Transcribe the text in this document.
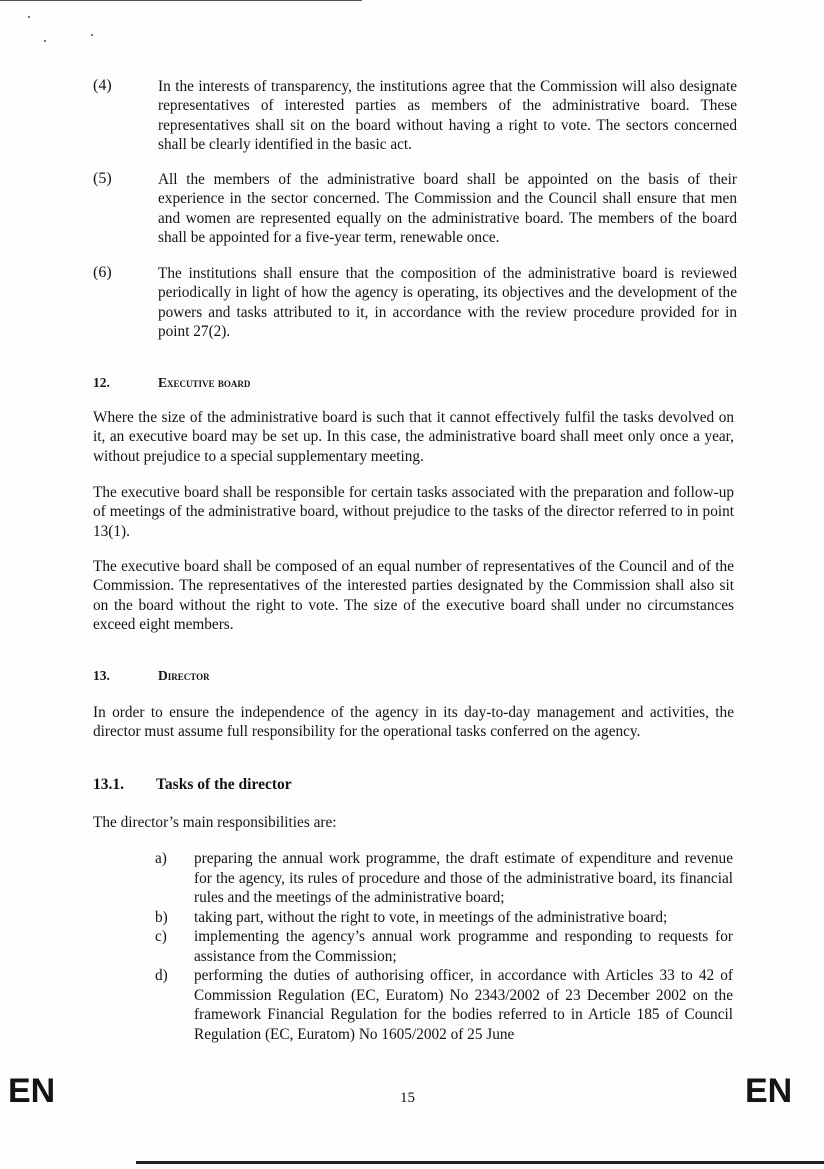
(4)	In the interests of transparency, the institutions agree that the Commission will also designate representatives of interested parties as members of the administrative board. These representatives shall sit on the board without having a right to vote. The sectors concerned shall be clearly identified in the basic act.
(5)	All the members of the administrative board shall be appointed on the basis of their experience in the sector concerned. The Commission and the Council shall ensure that men and women are represented equally on the administrative board. The members of the board shall be appointed for a five-year term, renewable once.
(6)	The institutions shall ensure that the composition of the administrative board is reviewed periodically in light of how the agency is operating, its objectives and the development of the powers and tasks attributed to it, in accordance with the review procedure provided for in point 27(2).
12.	Executive board

Where the size of the administrative board is such that it cannot effectively fulfil the tasks devolved on it, an executive board may be set up. In this case, the administrative board shall meet only once a year, without prejudice to a special supplementary meeting.

The executive board shall be responsible for certain tasks associated with the preparation and follow-up of meetings of the administrative board, without prejudice to the tasks of the director referred to in point 13(1).

The executive board shall be composed of an equal number of representatives of the Council and of the Commission. The representatives of the interested parties designated by the Commission shall also sit on the board without the right to vote. The size of the executive board shall under no circumstances exceed eight members.

13.	Director

In order to ensure the independence of the agency in its day-to-day management and activities, the director must assume full responsibility for the operational tasks conferred on the agency.

13.1. Tasks of the director

The director’s main responsibilities are:

a) preparing the annual work programme, the draft estimate of expenditure and revenue for the agency, its rules of procedure and those of the administrative board, its financial rules and the meetings of the administrative board;
b) taking part, without the right to vote, in meetings of the administrative board;
c) implementing the agency’s annual work programme and responding to requests for assistance from the Commission;
d) performing the duties of authorising officer, in accordance with Articles 33 to 42 of Commission Regulation (EC, Euratom) No 2343/2002 of 23 December 2002 on the framework Financial Regulation for the bodies referred to in Article 185 of Council Regulation (EC, Euratom) No 1605/2002 of 25 June
EN	15	EN
